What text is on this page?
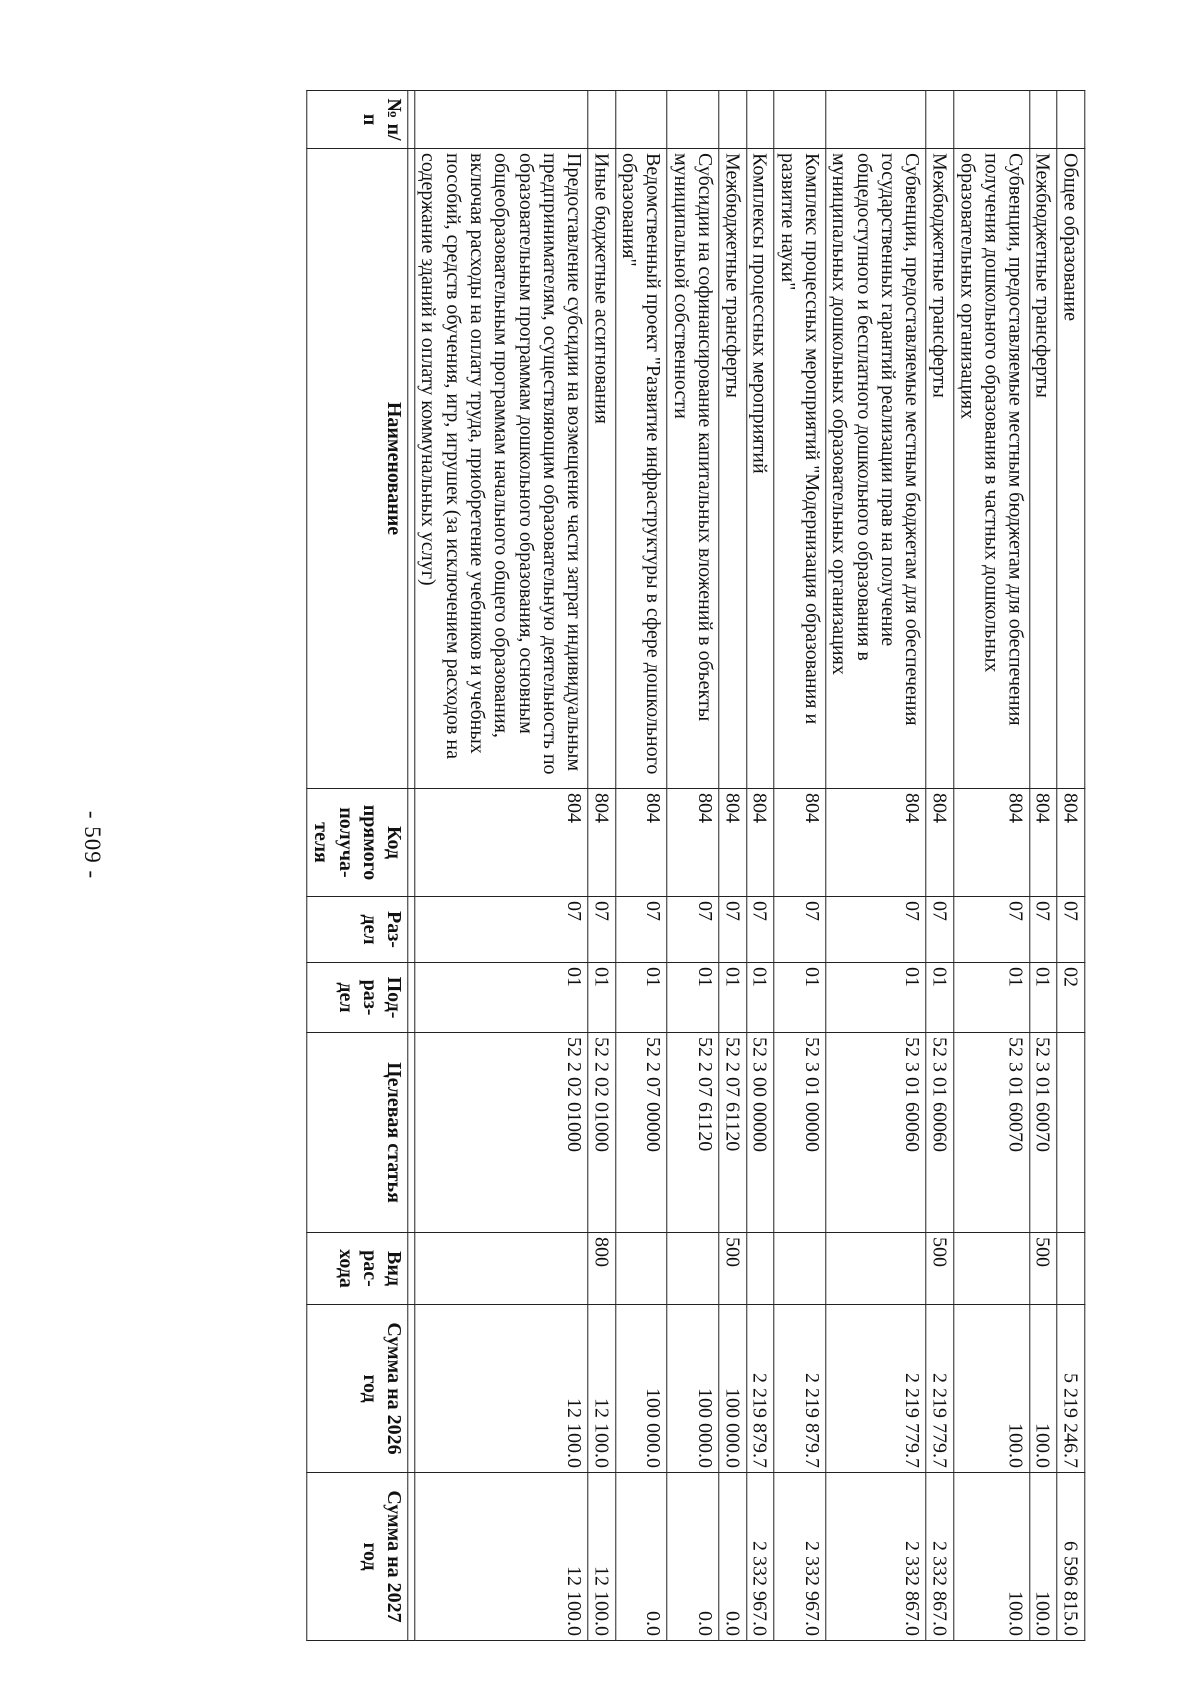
- 509 -
№ п/п	Наименование	Код прямого получа- теля	Раз- дел	Под- раз- дел	Целевая статья	Вид рас- хода	Сумма на 2026 год	Сумма на 2027 год

	Предоставление субсидии на возмещение части затрат индивидуальным предпринимателям, осуществляющим образовательную деятельность по образовательным программам дошкольного образования, основным общеобразовательным программам начального общего образования, включая расходы на оплату труда, приобретение учебников и учебных пособий, средств обучения, игр, игрушек (за исключением расходов на содержание зданий и оплату коммунальных услуг)	804	07	01	52 2 02 01000		12 100.0	12 100.0
	Иные бюджетные ассигнования	804	07	01	52 2 02 01000	800	12 100.0	12 100.0
	Ведомственный проект "Развитие инфраструктуры в сфере дошкольного образования"	804	07	01	52 2 07 00000		100 000.0	0.0
	Субсидии на софинансирование капитальных вложений в объекты муниципальной собственности	804	07	01	52 2 07 61120		100 000.0	0.0
	Межбюджетные трансферты	804	07	01	52 2 07 61120	500	100 000.0	0.0
	Комплексы процессных мероприятий	804	07	01	52 3 00 00000		2 219 879.7	2 332 967.0
	Комплекс процессных мероприятий "Модернизация образования и развитие науки"	804	07	01	52 3 01 00000		2 219 879.7	2 332 967.0
	Субвенции, предоставляемые местным бюджетам для обеспечения государственных гарантий реализации прав на получение общедоступного и бесплатного дошкольного образования в муниципальных дошкольных образовательных организациях	804	07	01	52 3 01 60060		2 219 779.7	2 332 867.0
	Межбюджетные трансферты	804	07	01	52 3 01 60060	500	2 219 779.7	2 332 867.0
	Субвенции, предоставляемые местным бюджетам для обеспечения получения дошкольного образования в частных дошкольных образовательных организациях	804	07	01	52 3 01 60070		100.0	100.0
	Межбюджетные трансферты	804	07	01	52 3 01 60070	500	100.0	100.0
	Общее образование	804	07	02			5 219 246.7	6 596 815.0
